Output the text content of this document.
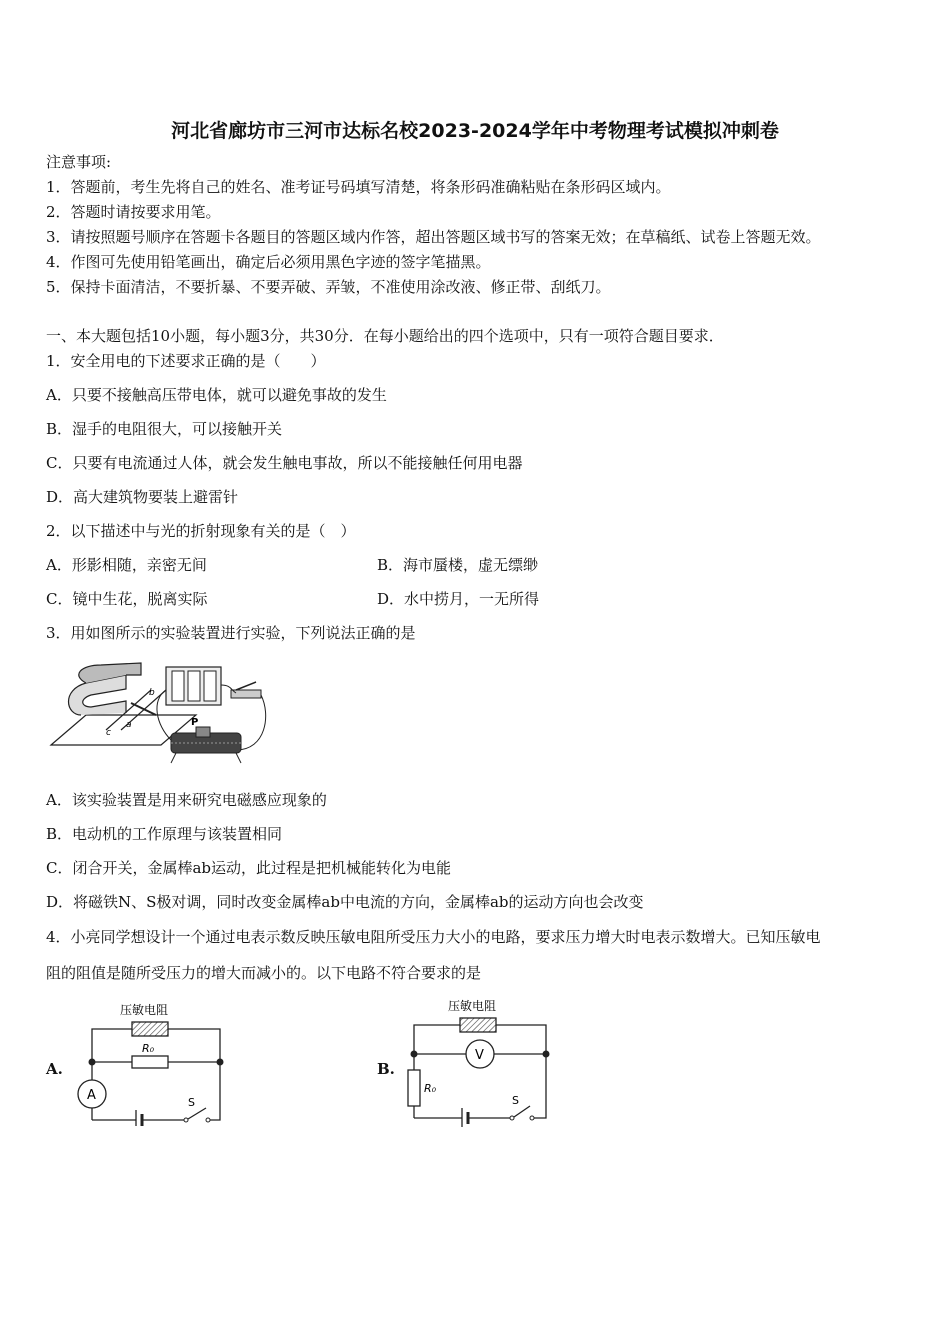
河北省廊坊市三河市达标名校2023-2024学年中考物理考试模拟冲刺卷
注意事项:
1．答题前，考生先将自己的姓名、准考证号码填写清楚，将条形码准确粘贴在条形码区域内。
2．答题时请按要求用笔。
3．请按照题号顺序在答题卡各题目的答题区域内作答，超出答题区域书写的答案无效；在草稿纸、试卷上答题无效。
4．作图可先使用铅笔画出，确定后必须用黑色字迹的签字笔描黑。
5．保持卡面清洁，不要折暴、不要弄破、弄皱，不准使用涂改液、修正带、刮纸刀。
一、本大题包括10小题，每小题3分，共30分．在每小题给出的四个选项中，只有一项符合题目要求．
1．安全用电的下述要求正确的是（　　）
A．只要不接触高压带电体，就可以避免事故的发生
B．湿手的电阻很大，可以接触开关
C．只要有电流通过人体，就会发生触电事故，所以不能接触任何用电器
D．高大建筑物要装上避雷针
2．以下描述中与光的折射现象有关的是（　）
A．形影相随，亲密无间	B．海市蜃楼，虚无缥缈
C．镜中生花，脱离实际	D．水中捞月，一无所得
3．用如图所示的实验装置进行实验，下列说法正确的是
b
a
c
P
A．该实验装置是用来研究电磁感应现象的
B．电动机的工作原理与该装置相同
C．闭合开关，金属棒ab运动，此过程是把机械能转化为电能
D．将磁铁N、S极对调，同时改变金属棒ab中电流的方向，金属棒ab的运动方向也会改变
4．小亮同学想设计一个通过电表示数反映压敏电阻所受压力大小的电路，要求压力增大时电表示数增大。已知压敏电
阻的阻值是随所受压力的增大而减小的。以下电路不符合要求的是
A.	B.
压敏电阻
R₀
A	S
压敏电阻
V
R₀
S
